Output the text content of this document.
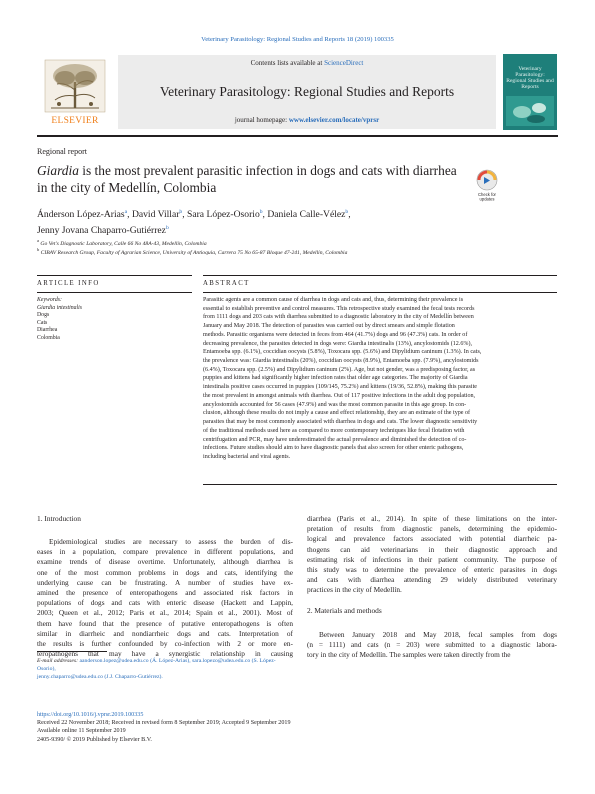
Veterinary Parasitology: Regional Studies and Reports 18 (2019) 100335
Contents lists available at ScienceDirect
Veterinary Parasitology: Regional Studies and Reports
journal homepage: www.elsevier.com/locate/vprsr
ELSEVIER
Veterinary Parasitology: Regional Studies and Reports
Regional report
Giardia is the most prevalent parasitic infection in dogs and cats with diarrhea in the city of Medellín, Colombia	Check for
updates
Ánderson López-Arias$^a$, David Villar$^b$, Sara López-Osorio$^b$, Daniela Calle-Vélez$^b$,
Jenny Jovana Chaparro-Gutiérrez$^b$
$^a$ Go Vet's Diagnostic Laboratory, Calle 66 No 48A-43, Medellín, Colombia
$^b$ CIBAV Research Group, Faculty of Agrarian Science, University of Antioquia, Carrera 75 No 65-87 Bloque 47-241, Medellín, Colombia
ARTICLE INFO	ABSTRACT
Keywords:
Giardia intestinalis
Dogs
Cats
Diarrhea
Colombia
Parasitic agents are a common cause of diarrhea in dogs and cats and, thus, determining their prevalence is
essential to establish preventive and control measures. This retrospective study examined the fecal tests records
from 1111 dogs and 203 cats with diarrhea submitted to a diagnostic laboratory in the city of Medellín between
January and May 2018. The detection of parasites was carried out by direct smears and simple flotation
methods. Parasitic organisms were detected in feces from 464 (41.7%) dogs and 96 (47.3%) cats. In order of
decreasing prevalence, the parasites detected in dogs were: Giardia intestinalis (13%), ancylostomids (12.6%),
Entamoeba spp. (6.1%), coccidian oocysts (5.8%), Toxocara spp. (5.6%) and Dipylidium caninum (1.3%). In cats,
the prevalence was: Giardia intestinalis (20%), coccidian oocysts (8.9%), Entamoeba spp. (7.9%), ancylostomids
(6.4%), Toxocara spp. (2.5%) and Dipylidium caninum (2%). Age, but not gender, was a predisposing factor, as
puppies and kittens had significantly higher infection rates that older age categories. The majority of Giardia
intestinalis positive cases occurred in puppies (109/145, 75.2%) and kittens (19/36, 52.8%), making this parasite
the most prevalent in amongst animals with diarrhea. Out of 117 positive infections in the adult dog population,
ancylostomids accounted for 56 cases (47.9%) and was the most common parasite in this age group. In con-
clusion, although these results do not imply a cause and effect relationship, they are an estimate of the type of
parasites that may be most commonly associated with diarrhea in dogs and cats. The lower diagnostic sensitivity
of the traditional methods used here as compared to more contemporary techniques like fecal flotation with
centrifugation and PCR, may have underestimated the actual prevalence and diminished the detection of co-
infections. Future studies should aim to have diagnostic panels that also screen for other enteric pathogens,
including bacterial and viral agents.
1. Introduction
Epidemiological studies are necessary to assess the burden of dis-
eases in a population, compare prevalence in different populations, and
examine trends of disease overtime. Unfortunately, although diarrhea is
one of the most common problems in dogs and cats, identifying the
underlying cause can be frustrating. A number of studies have ex-
amined the presence of enteropathogens and associated risk factors in
populations of dogs and cats with enteric disease (Hackett and Lappin,
2003; Queen et al., 2012; Paris et al., 2014; Spain et al., 2001). Most of
them have found that the presence of putative enteropathogens is often
similar in diarrheic and nondiarrheic dogs and cats. Interpretation of
the results is further confounded by co-infection with 2 or more en-
teropathogens that may have a synergistic relationship in causing
diarrhea (Paris et al., 2014). In spite of these limitations on the inter-
pretation of results from diagnostic panels, determining the epidemio-
logical and prevalence factors associated with potential diarrheic pa-
thogens can aid veterinarians in their diagnostic approach and
estimating risk of infections in their patient community. The purpose of
this study was to determine the prevalence of enteric parasites in dogs
and cats with diarrhea attending 29 widely distributed veterinary
practices in the city of Medellín.
2. Materials and methods
Between January 2018 and May 2018, fecal samples from dogs
(n = 1111) and cats (n = 203) were submitted to a diagnostic labora-
tory in the city of Medellín. The samples were taken directly from the
E-mail addresses: aanderson.lopez@udea.edu.co (Á. López-Arias), sara.lopezo@udea.edu.co (S. López-Osorio),
jenny.chaparro@udea.edu.co (J.J. Chaparro-Gutiérrez).
https://doi.org/10.1016/j.vprsr.2019.100335
Received 22 November 2018; Received in revised form 8 September 2019; Accepted 9 September 2019
Available online 11 September 2019
2405-9390/ © 2019 Published by Elsevier B.V.
